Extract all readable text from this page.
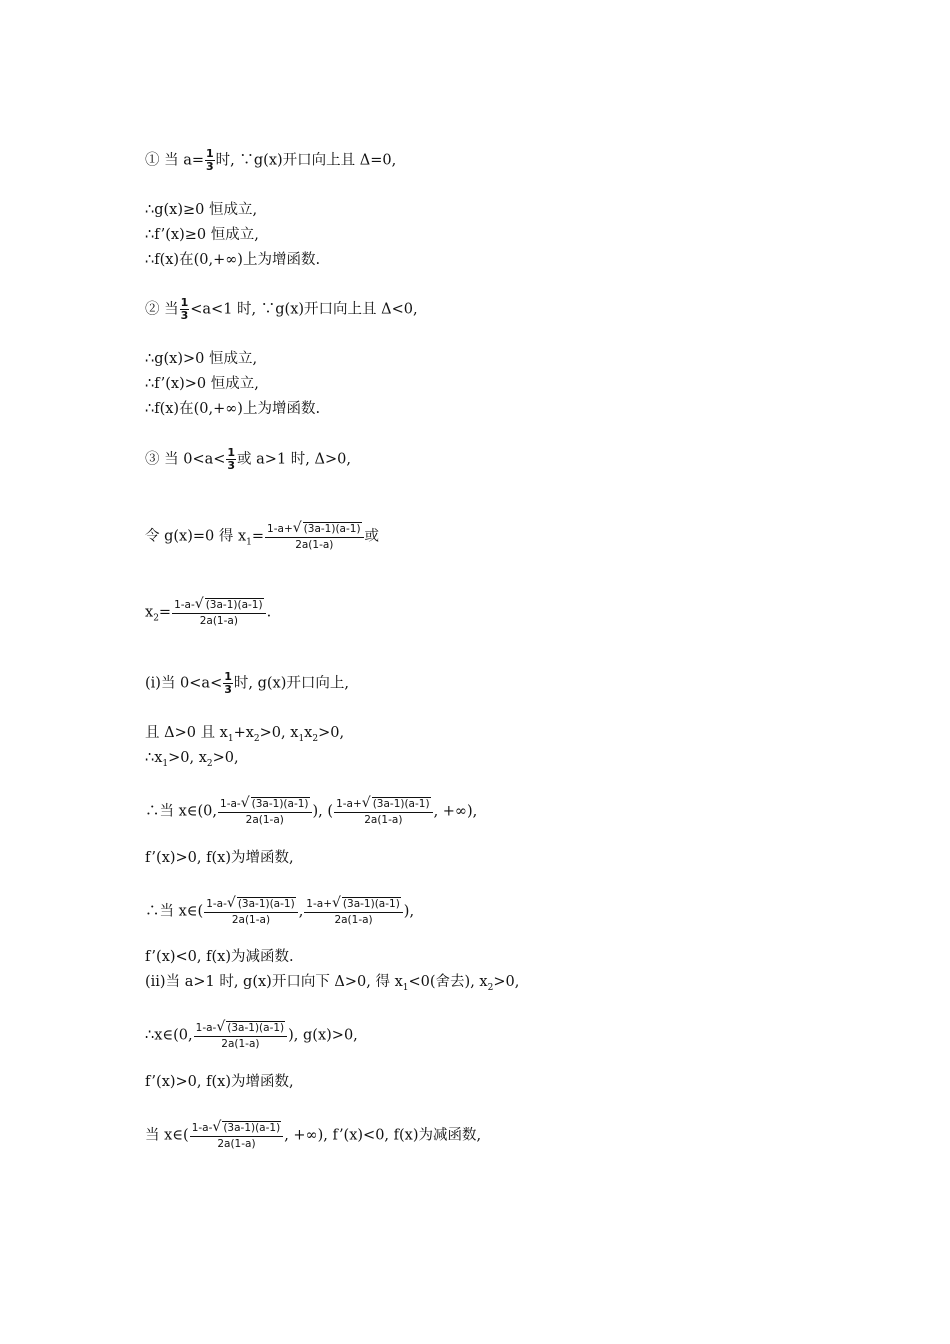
① 当 $a= \frac{1}{3}$ 时, ∵g(x)开口向上且 Δ=0,
∴g(x)≥0 恒成立,
∴f’(x)≥0 恒成立,
∴f(x)在(0,+∞)上为增函数.
② 当 $\frac{1}{3} <a<1$ 时, ∵g(x)开口向上且 Δ<0,
∴g(x)>0 恒成立,
∴f’(x)>0 恒成立,
∴f(x)在(0,+∞)上为增函数.
③ 当 $0<a< \frac{1}{3}$ 或 a>1 时, Δ>0,
令 g(x)=0 得 $x_1= \frac{1-a+√ (3a-1)(a-1)}{2a(1-a)}$ 或
$x_2= \frac{1-a-√ (3a-1)(a-1)}{2a(1-a)}$ .
(i)当 $0<a< \frac{1}{3}$ 时, g(x)开口向上,
且 Δ>0 且 $x_1+x_2>0$, $x_1x_2>0$,
$\therefore x_1>0$, $x_2>0$,
∴当 x∈(0, $\frac{1-a-√ (3a-1)(a-1)}{2a(1-a)}$ ), ( $\frac{1-a+√ (3a-1)(a-1)}{2a(1-a)}$ , +∞),
f’(x)>0, f(x)为增函数,
∴当 x∈( $\frac{1-a-√ (3a-1)(a-1)}{2a(1-a)}$ , $\frac{1-a+√ (3a-1)(a-1)}{2a(1-a)}$ ),
f’(x)<0, f(x)为减函数.
(ii)当 a>1 时, g(x)开口向下 Δ>0, 得 $x_1<0$(舍去), $x_2>0$,
∴x∈(0, $\frac{1-a-√ (3a-1)(a-1)}{2a(1-a)}$ ), g(x)>0,
f’(x)>0, f(x)为增函数,
当 x∈( $\frac{1-a-√ (3a-1)(a-1)}{2a(1-a)}$ , +∞), f’(x)<0, f(x)为减函数,
